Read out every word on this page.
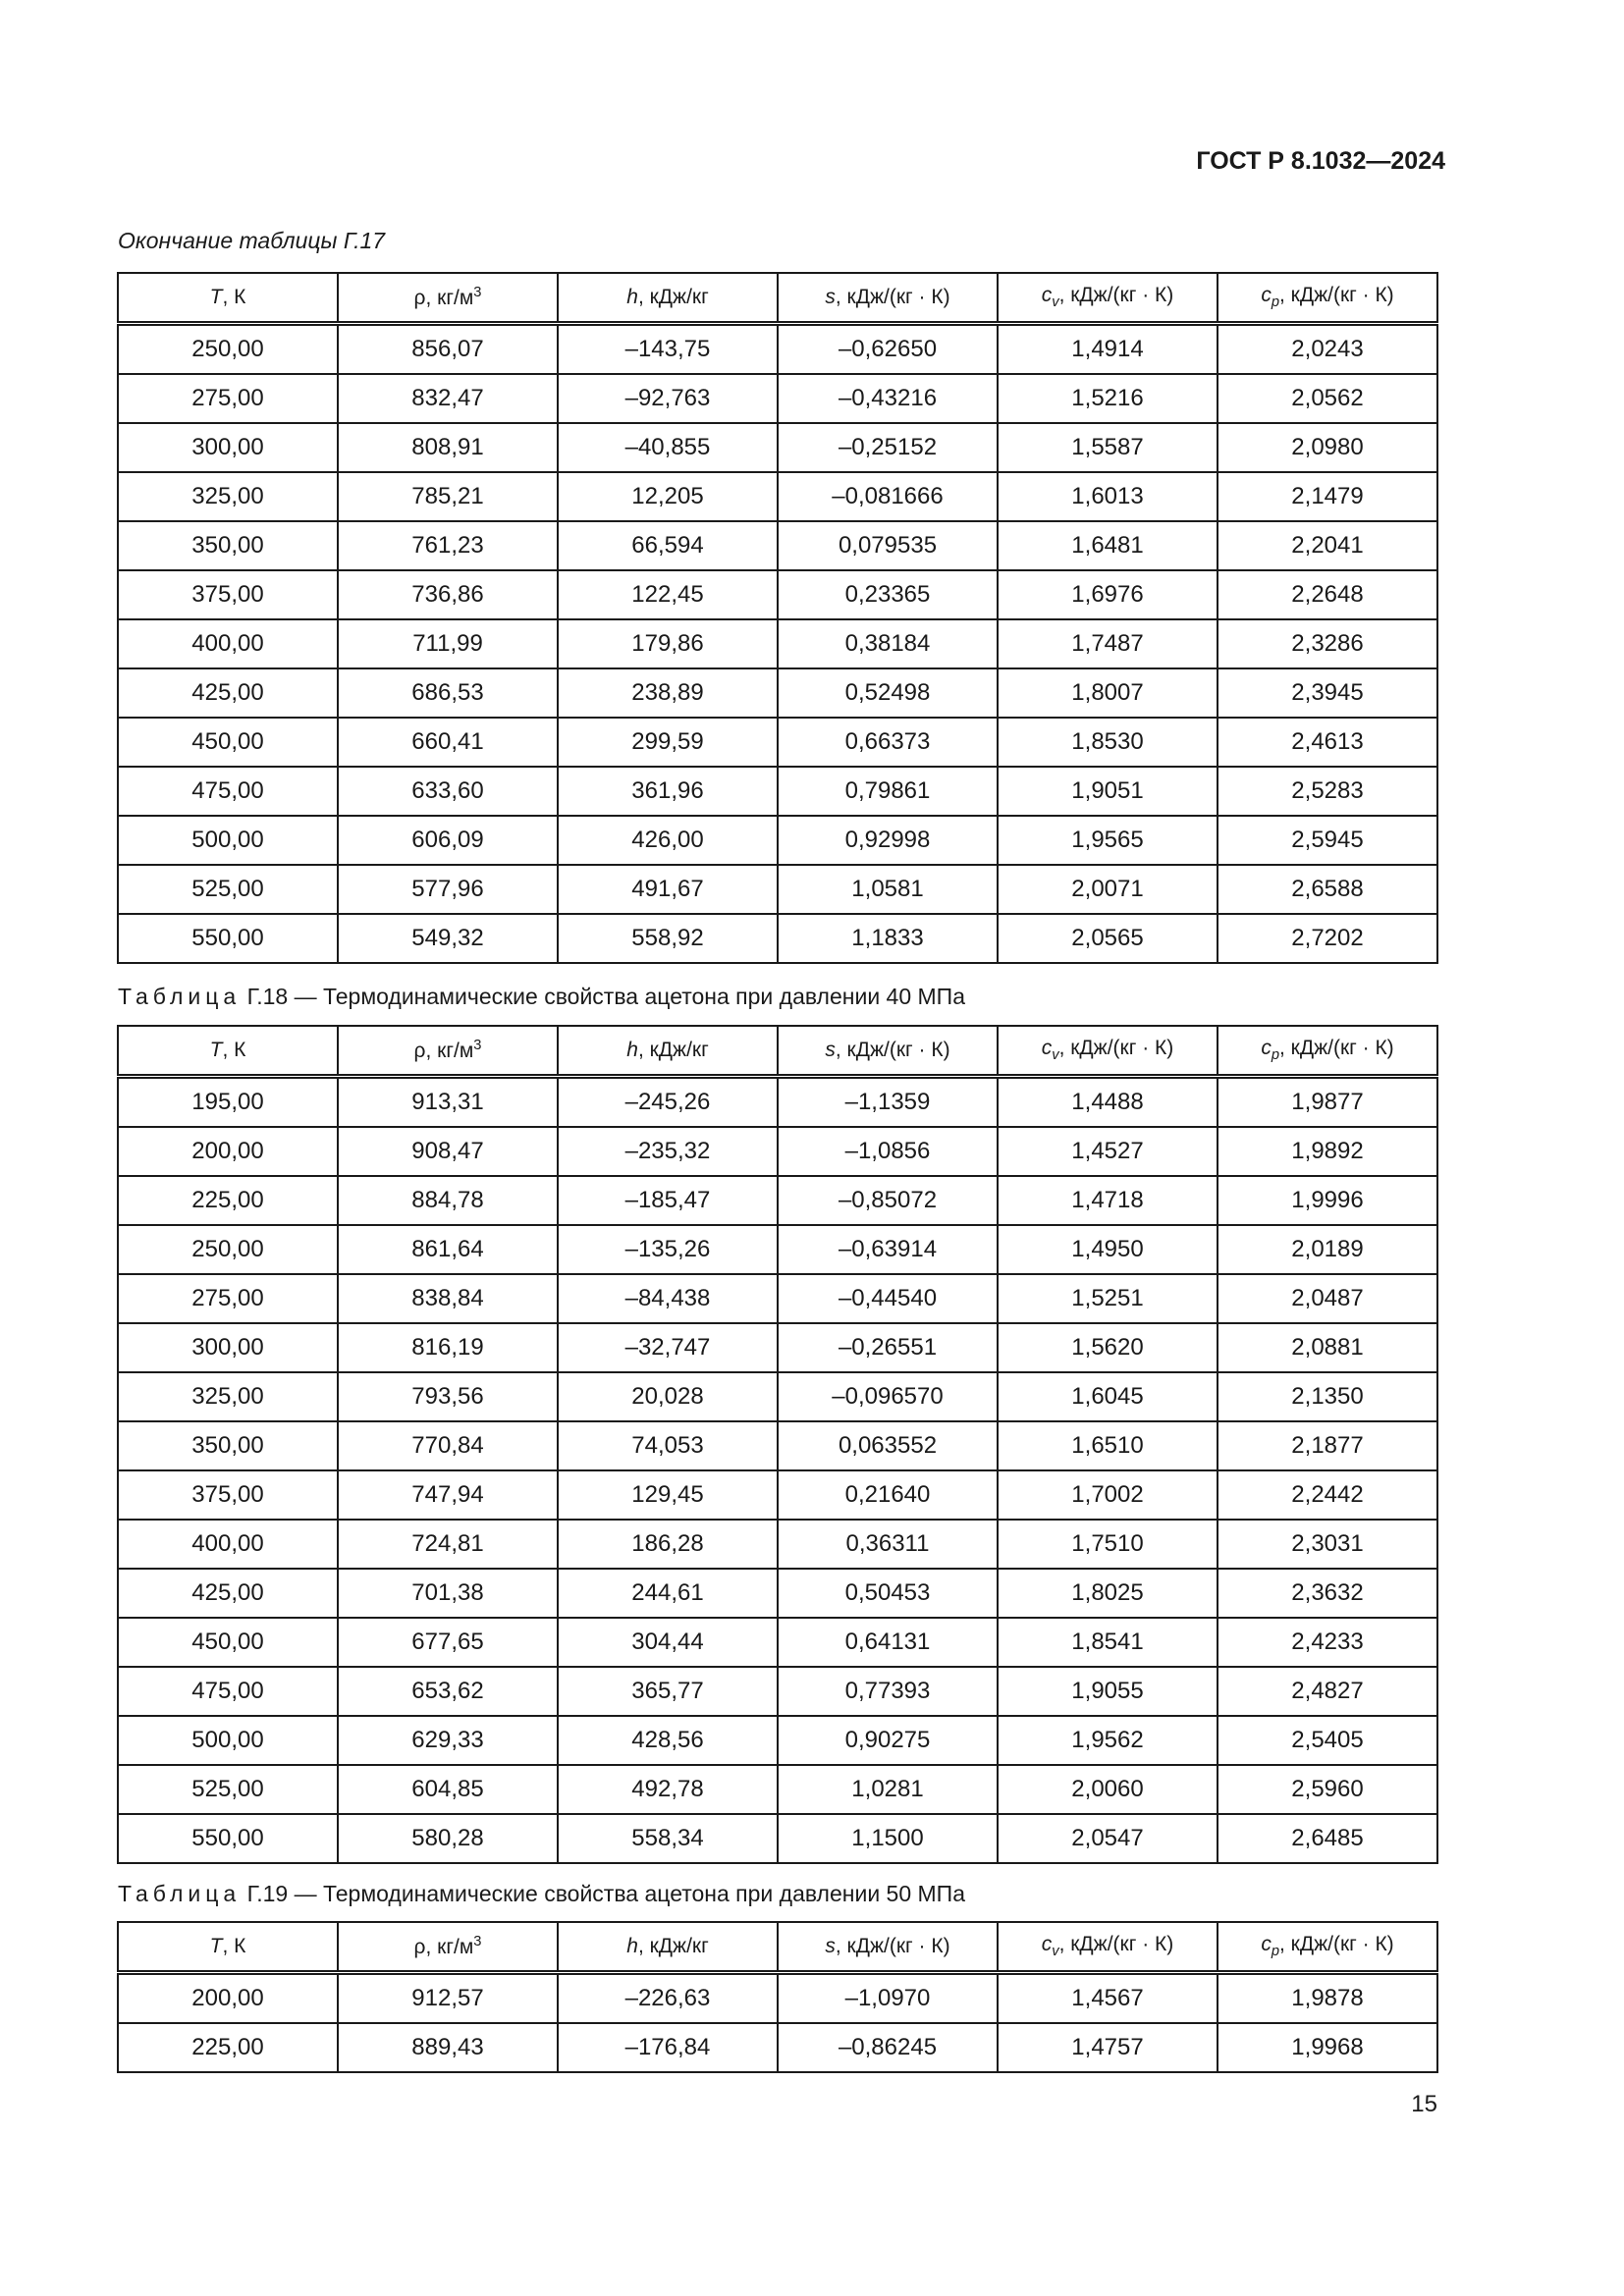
ГОСТ Р 8.1032—2024
Окончание таблицы Г.17
T, К	ρ, $кг/м^3$	h, кДж/кг	s, кДж/(кг · К)	$c_v$, кДж/(кг · К)	$c_p$, кДж/(кг · К)
250,00	856,07	–143,75	–0,62650	1,4914	2,0243
275,00	832,47	–92,763	–0,43216	1,5216	2,0562
300,00	808,91	–40,855	–0,25152	1,5587	2,0980
325,00	785,21	12,205	–0,081666	1,6013	2,1479
350,00	761,23	66,594	0,079535	1,6481	2,2041
375,00	736,86	122,45	0,23365	1,6976	2,2648
400,00	711,99	179,86	0,38184	1,7487	2,3286
425,00	686,53	238,89	0,52498	1,8007	2,3945
450,00	660,41	299,59	0,66373	1,8530	2,4613
475,00	633,60	361,96	0,79861	1,9051	2,5283
500,00	606,09	426,00	0,92998	1,9565	2,5945
525,00	577,96	491,67	1,0581	2,0071	2,6588
550,00	549,32	558,92	1,1833	2,0565	2,7202
Таблица Г.18 — Термодинамические свойства ацетона при давлении 40 МПа
T, К	ρ, $кг/м^3$	h, кДж/кг	s, кДж/(кг · К)	$c_v$, кДж/(кг · К)	$c_p$, кДж/(кг · К)
195,00	913,31	–245,26	–1,1359	1,4488	1,9877
200,00	908,47	–235,32	–1,0856	1,4527	1,9892
225,00	884,78	–185,47	–0,85072	1,4718	1,9996
250,00	861,64	–135,26	–0,63914	1,4950	2,0189
275,00	838,84	–84,438	–0,44540	1,5251	2,0487
300,00	816,19	–32,747	–0,26551	1,5620	2,0881
325,00	793,56	20,028	–0,096570	1,6045	2,1350
350,00	770,84	74,053	0,063552	1,6510	2,1877
375,00	747,94	129,45	0,21640	1,7002	2,2442
400,00	724,81	186,28	0,36311	1,7510	2,3031
425,00	701,38	244,61	0,50453	1,8025	2,3632
450,00	677,65	304,44	0,64131	1,8541	2,4233
475,00	653,62	365,77	0,77393	1,9055	2,4827
500,00	629,33	428,56	0,90275	1,9562	2,5405
525,00	604,85	492,78	1,0281	2,0060	2,5960
550,00	580,28	558,34	1,1500	2,0547	2,6485
Таблица Г.19 — Термодинамические свойства ацетона при давлении 50 МПа
T, К	ρ, $кг/м^3$	h, кДж/кг	s, кДж/(кг · К)	$c_v$, кДж/(кг · К)	$c_p$, кДж/(кг · К)
200,00	912,57	–226,63	–1,0970	1,4567	1,9878
225,00	889,43	–176,84	–0,86245	1,4757	1,9968
15
